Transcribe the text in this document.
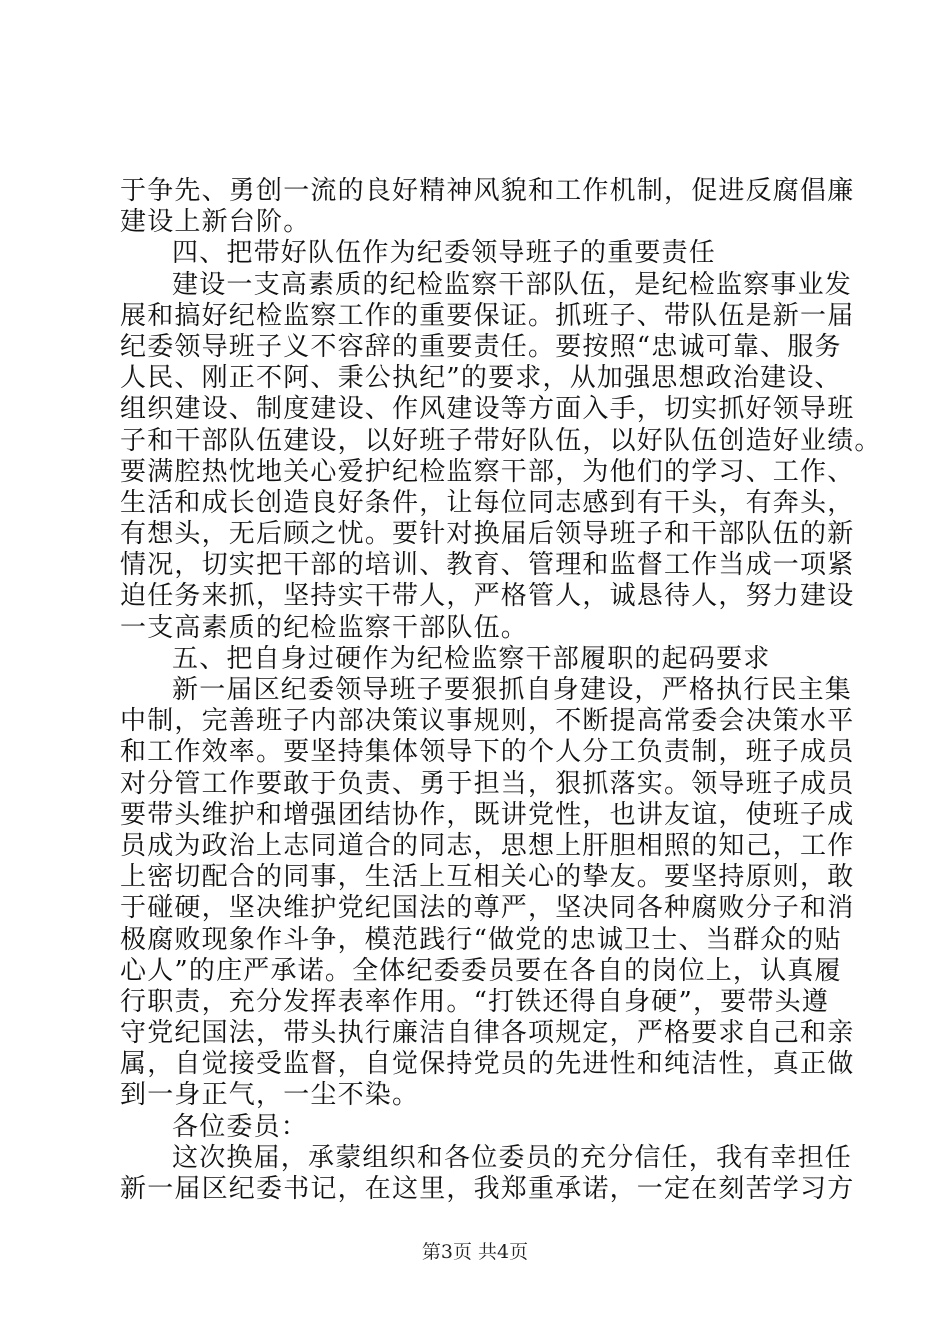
于争先、勇创一流的良好精神风貌和工作机制，促进反腐倡廉
建设上新台阶。
四、把带好队伍作为纪委领导班子的重要责任
建设一支高素质的纪检监察干部队伍，是纪检监察事业发
展和搞好纪检监察工作的重要保证。抓班子、带队伍是新一届
纪委领导班子义不容辞的重要责任。要按照“忠诚可靠、服务
人民、刚正不阿、秉公执纪”的要求，从加强思想政治建设、
组织建设、制度建设、作风建设等方面入手，切实抓好领导班
子和干部队伍建设，以好班子带好队伍，以好队伍创造好业绩。
要满腔热忱地关心爱护纪检监察干部，为他们的学习、工作、
生活和成长创造良好条件，让每位同志感到有干头，有奔头，
有想头，无后顾之忧。要针对换届后领导班子和干部队伍的新
情况，切实把干部的培训、教育、管理和监督工作当成一项紧
迫任务来抓，坚持实干带人，严格管人，诚恳待人，努力建设
一支高素质的纪检监察干部队伍。
五、把自身过硬作为纪检监察干部履职的起码要求
新一届区纪委领导班子要狠抓自身建设，严格执行民主集
中制，完善班子内部决策议事规则，不断提高常委会决策水平
和工作效率。要坚持集体领导下的个人分工负责制，班子成员
对分管工作要敢于负责、勇于担当，狠抓落实。领导班子成员
要带头维护和增强团结协作，既讲党性，也讲友谊，使班子成
员成为政治上志同道合的同志，思想上肝胆相照的知己，工作
上密切配合的同事，生活上互相关心的挚友。要坚持原则，敢
于碰硬，坚决维护党纪国法的尊严，坚决同各种腐败分子和消
极腐败现象作斗争，模范践行“做党的忠诚卫士、当群众的贴
心人”的庄严承诺。全体纪委委员要在各自的岗位上，认真履
行职责，充分发挥表率作用。“打铁还得自身硬”，要带头遵
守党纪国法，带头执行廉洁自律各项规定，严格要求自己和亲
属，自觉接受监督，自觉保持党员的先进性和纯洁性，真正做
到一身正气，一尘不染。
各位委员：
这次换届，承蒙组织和各位委员的充分信任，我有幸担任
新一届区纪委书记，在这里，我郑重承诺，一定在刻苦学习方
第3页 共4页
